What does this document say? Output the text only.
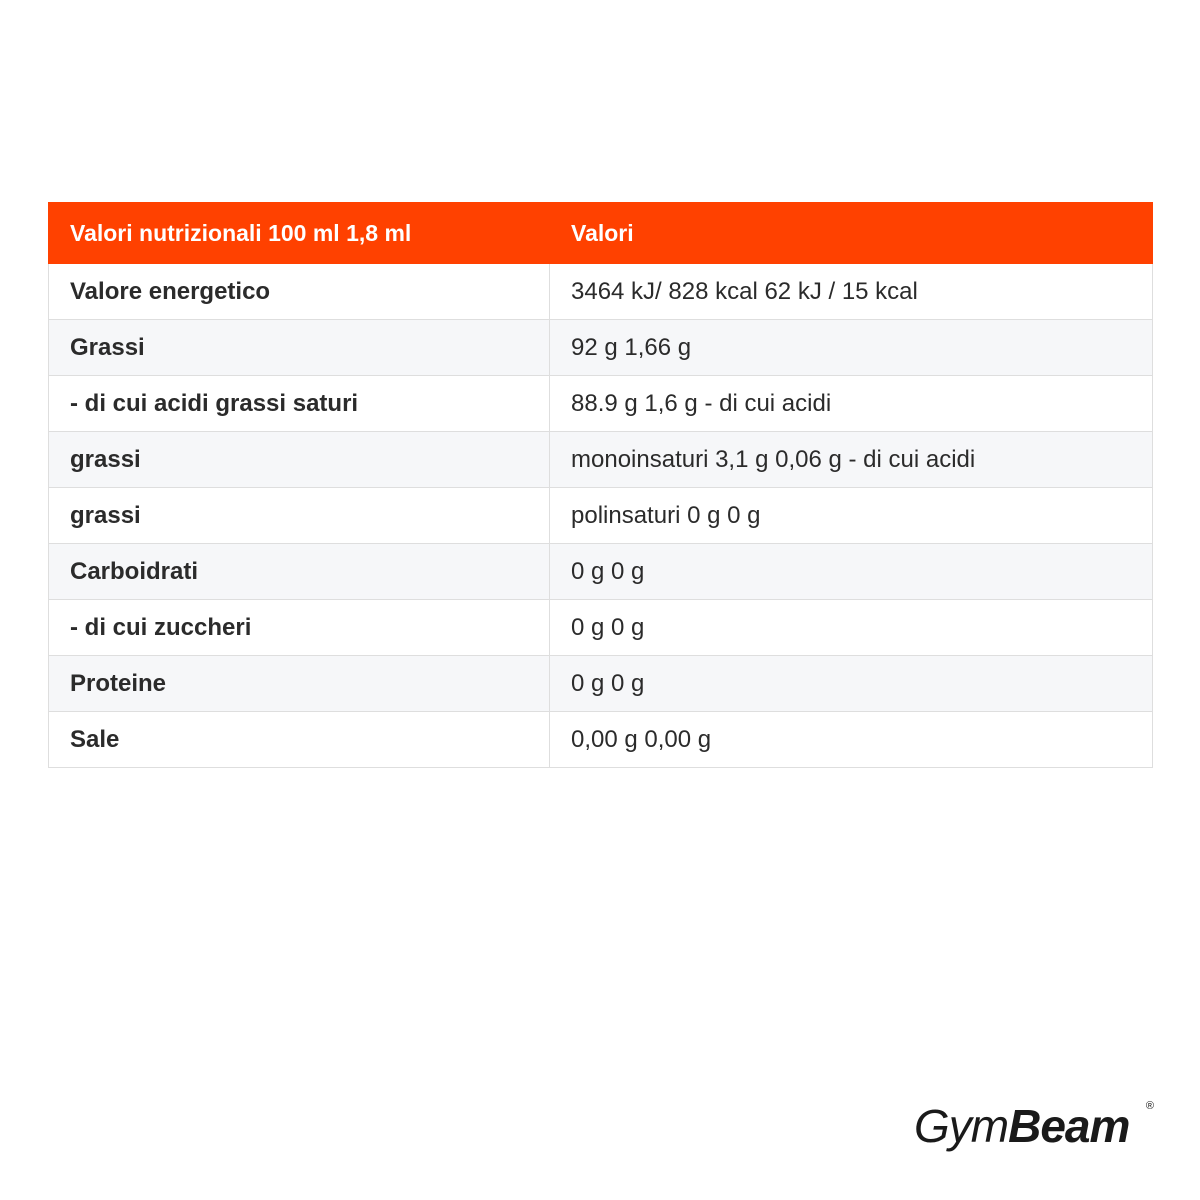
Valori nutrizionali 100 ml 1,8 ml	Valori
Valore energetico	3464 kJ/ 828 kcal 62 kJ / 15 kcal
Grassi	92 g 1,66 g
- di cui acidi grassi saturi	88.9 g 1,6 g - di cui acidi
grassi	monoinsaturi 3,1 g 0,06 g - di cui acidi
grassi	polinsaturi 0 g 0 g
Carboidrati	0 g 0 g
- di cui zuccheri	0 g 0 g
Proteine	0 g 0 g
Sale	0,00 g 0,00 g
GymBeam ®
